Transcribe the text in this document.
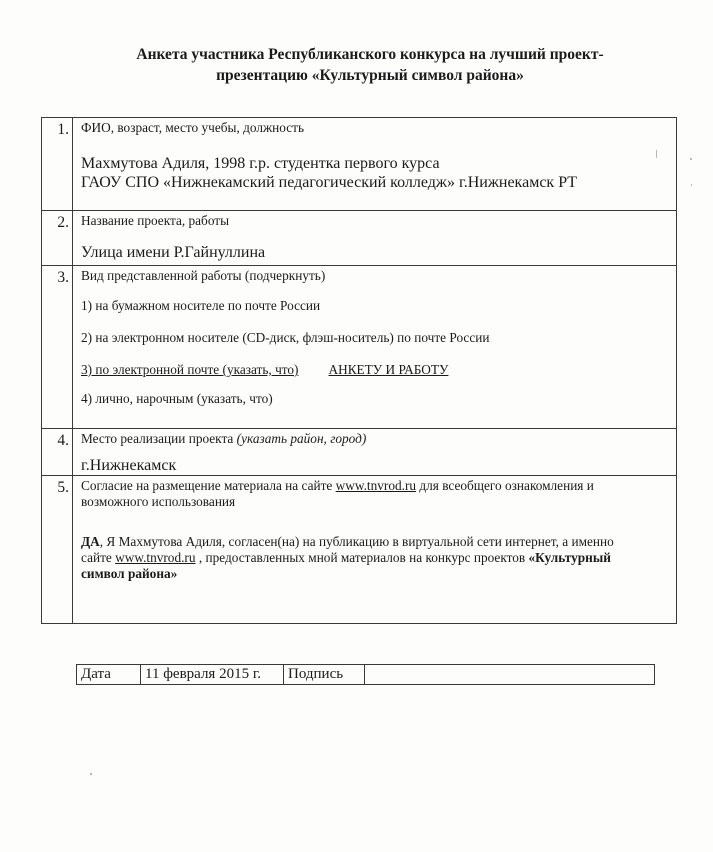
Анкета участника Республиканского конкурса на лучший проект-
презентацию «Культурный символ района»
1.	ФИО, возраст, место учебы, должность
Махмутова Адиля, 1998 г.р. студентка первого курса
ГАОУ СПО «Нижнекамский педагогический колледж» г.Нижнекамск РТ

2.	Название проекта, работы
Улица имени Р.Гайнуллина

3.	Вид представленной работы (подчеркнуть)
1) на бумажном носителе по почте России
2) на электронном носителе (CD-диск, флэш-носитель) по почте России
3) по электронной почте (указать, что) АНКЕТУ И РАБОТУ
4) лично, нарочным (указать, что)

4.	Место реализации проекта (указать район, город)
г.Нижнекамск

5.	Согласие на размещение материала на сайте www.tnvrod.ru для всеобщего ознакомления и
возможного использования
ДА, Я Махмутова Адиля, согласен(на) на публикацию в виртуальной сети интернет, а именно
сайте www.tnvrod.ru , предоставленных мной материалов на конкурс проектов «Культурный
символ района»
Дата	11 февраля 2015 г.	Подпись	
